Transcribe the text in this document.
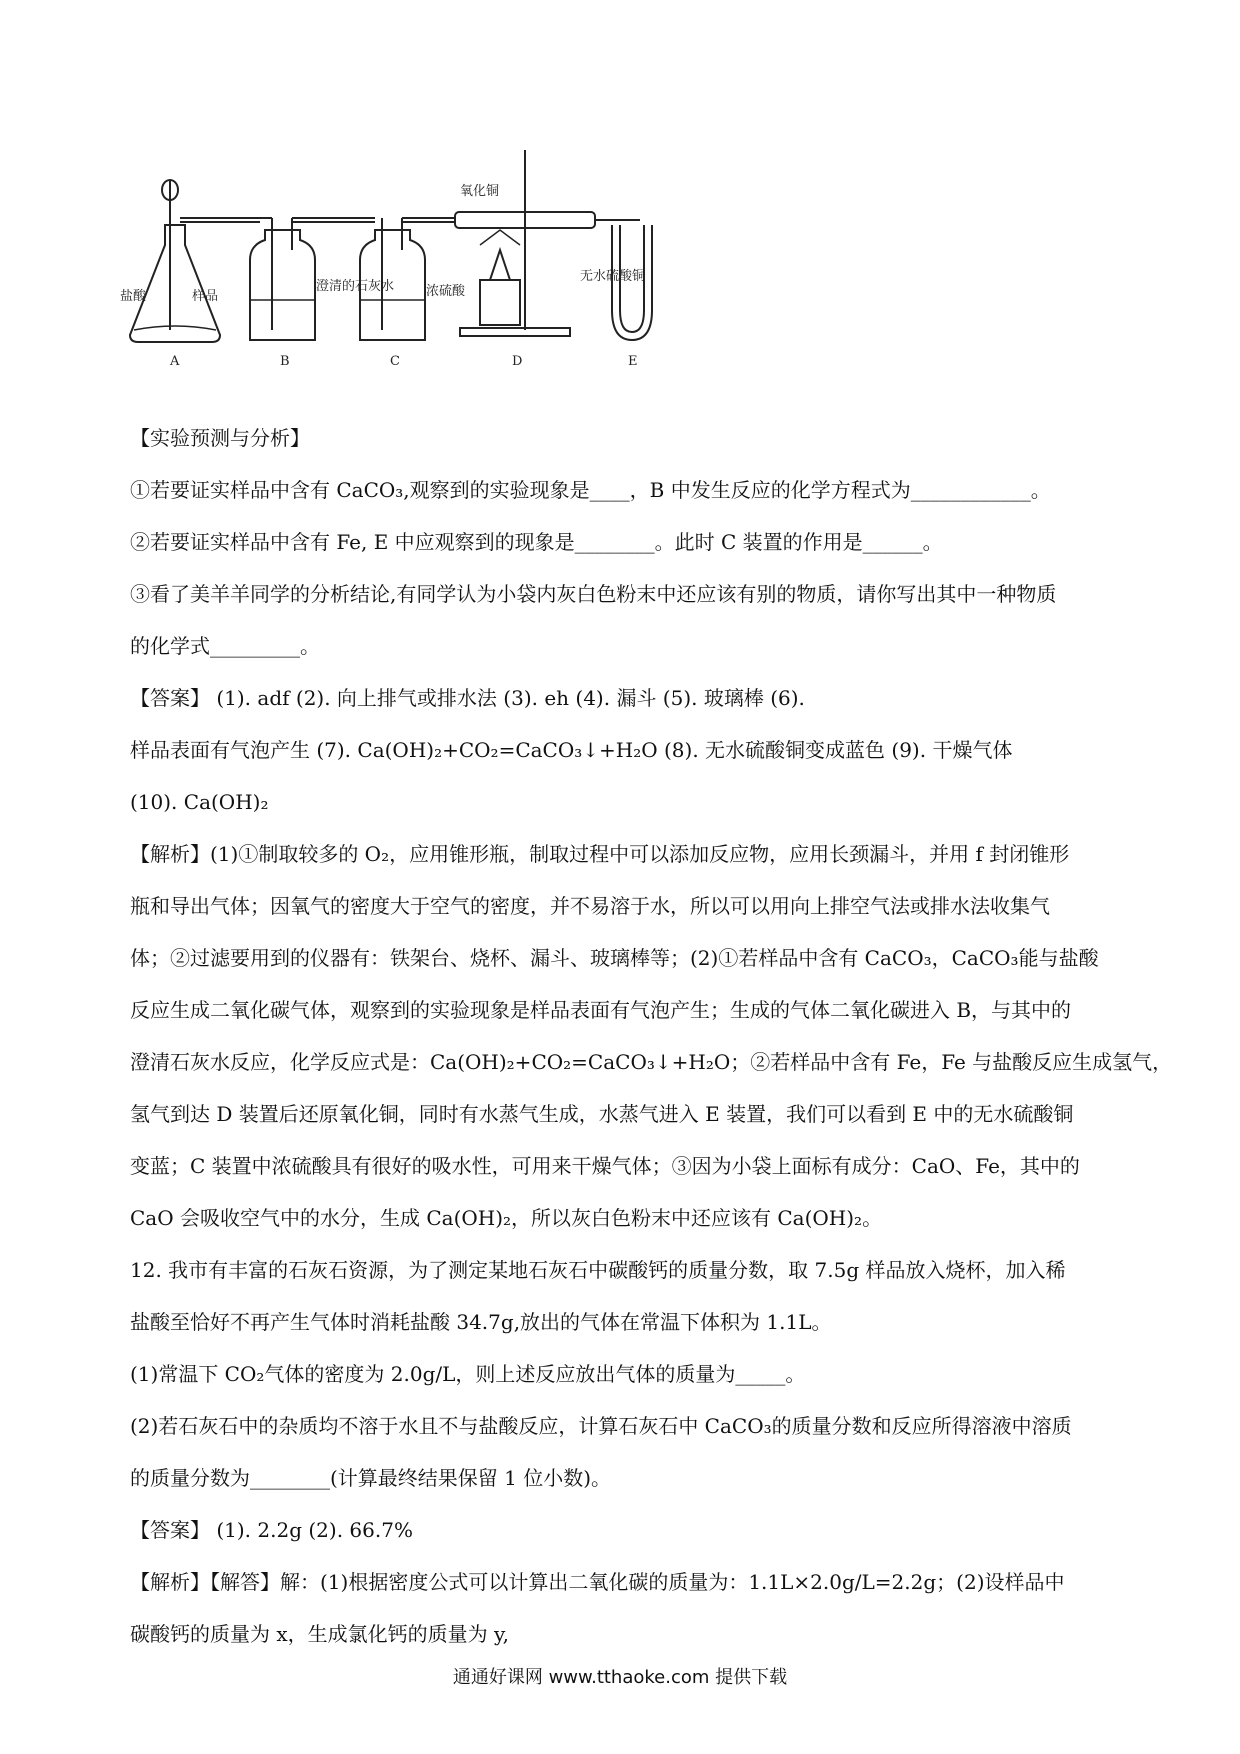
盐酸	样品
澄清的石灰水 浓硫酸
氧化铜
无水硫酸铜
A	B	C	D	E
【实验预测与分析】
①若要证实样品中含有 CaCO₃,观察到的实验现象是____，B 中发生反应的化学方程式为____________。
②若要证实样品中含有 Fe, E 中应观察到的现象是________。此时 C 装置的作用是______。
③看了美羊羊同学的分析结论,有同学认为小袋内灰白色粉末中还应该有别的物质，请你写出其中一种物质
的化学式_________。
【答案】 (1). adf (2). 向上排气或排水法 (3). eh (4). 漏斗 (5). 玻璃棒 (6).
样品表面有气泡产生 (7). Ca(OH)₂+CO₂=CaCO₃↓+H₂O (8). 无水硫酸铜变成蓝色 (9). 干燥气体
(10). Ca(OH)₂
【解析】(1)①制取较多的 O₂，应用锥形瓶，制取过程中可以添加反应物，应用长颈漏斗，并用 f 封闭锥形
瓶和导出气体；因氧气的密度大于空气的密度，并不易溶于水，所以可以用向上排空气法或排水法收集气
体；②过滤要用到的仪器有：铁架台、烧杯、漏斗、玻璃棒等；(2)①若样品中含有 CaCO₃，CaCO₃能与盐酸
反应生成二氧化碳气体，观察到的实验现象是样品表面有气泡产生；生成的气体二氧化碳进入 B，与其中的
澄清石灰水反应，化学反应式是：Ca(OH)₂+CO₂=CaCO₃↓+H₂O；②若样品中含有 Fe，Fe 与盐酸反应生成氢气，
氢气到达 D 装置后还原氧化铜，同时有水蒸气生成，水蒸气进入 E 装置，我们可以看到 E 中的无水硫酸铜
变蓝；C 装置中浓硫酸具有很好的吸水性，可用来干燥气体；③因为小袋上面标有成分：CaO、Fe，其中的
CaO 会吸收空气中的水分，生成 Ca(OH)₂，所以灰白色粉末中还应该有 Ca(OH)₂。
12. 我市有丰富的石灰石资源，为了测定某地石灰石中碳酸钙的质量分数，取 7.5g 样品放入烧杯，加入稀
盐酸至恰好不再产生气体时消耗盐酸 34.7g,放出的气体在常温下体积为 1.1L。
(1)常温下 CO₂气体的密度为 2.0g/L，则上述反应放出气体的质量为_____。
(2)若石灰石中的杂质均不溶于水且不与盐酸反应，计算石灰石中 CaCO₃的质量分数和反应所得溶液中溶质
的质量分数为________(计算最终结果保留 1 位小数)。
【答案】 (1). 2.2g (2). 66.7%
【解析】【解答】解：(1)根据密度公式可以计算出二氧化碳的质量为：1.1L×2.0g/L=2.2g；(2)设样品中
碳酸钙的质量为 x，生成氯化钙的质量为 y,
通通好课网 www.tthaoke.com 提供下载
